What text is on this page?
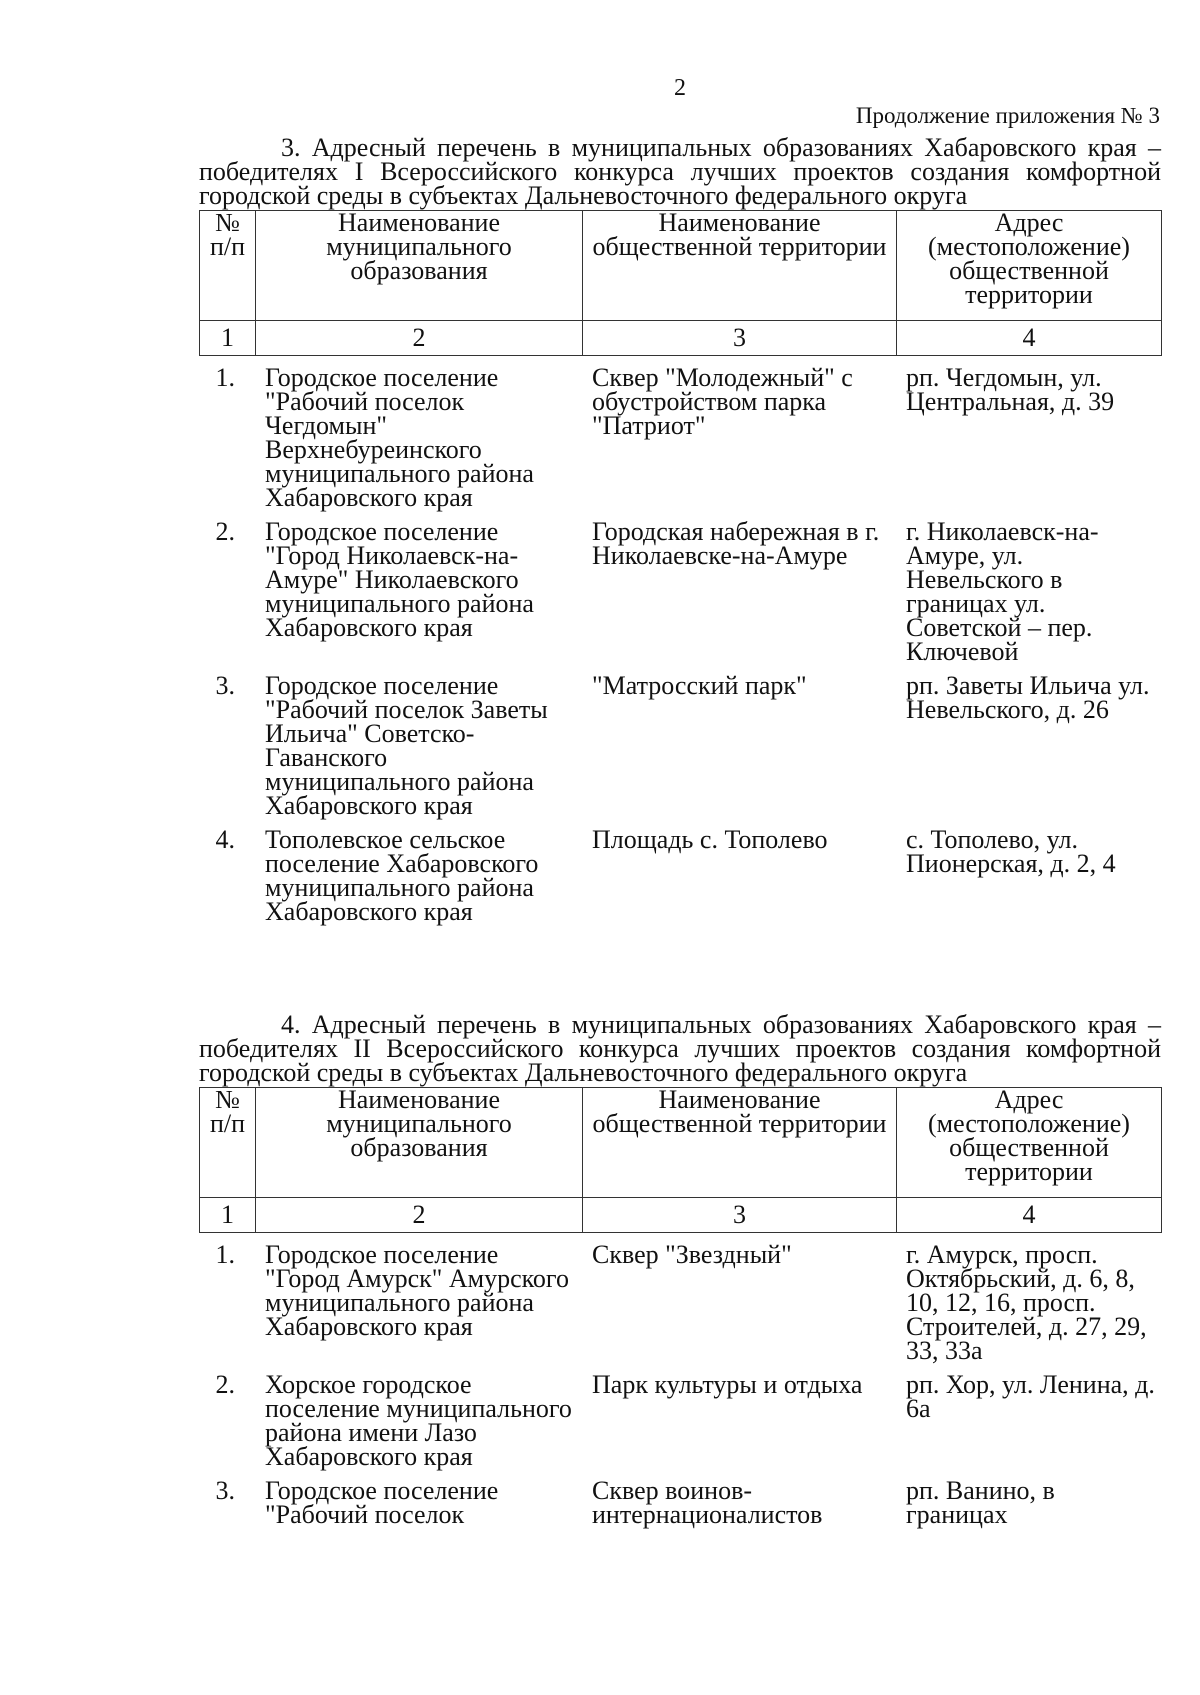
2
Продолжение приложения № 3

3. Адресный перечень в муниципальных образованиях Хабаровского края – победителях I Всероссийского конкурса лучших проектов создания комфортной городской среды в субъектах Дальневосточного федерального округа

№ п/п	Наименование муниципального образования	Наименование общественной территории	Адрес (местоположение) общественной территории
1	2	3	4
1.	Городское поселение "Рабочий поселок Чегдомын" Верхнебуреинского муниципального района Хабаровского края	Сквер "Молодежный" с обустройством парка "Патриот"	рп. Чегдомын, ул. Центральная, д. 39
2.	Городское поселение "Город Николаевск-на-Амуре" Николаевского муниципального района Хабаровского края	Городская набережная в г. Николаевске-на-Амуре	г. Николаевск-на-Амуре, ул. Невельского в границах ул. Советской – пер. Ключевой
3.	Городское поселение "Рабочий поселок Заветы Ильича" Советско-Гаванского муниципального района Хабаровского края	"Матросский парк"	рп. Заветы Ильича ул. Невельского, д. 26
4.	Тополевское сельское поселение Хабаровского муниципального района Хабаровского края	Площадь с. Тополево	с. Тополево, ул. Пионерская, д. 2, 4

4. Адресный перечень в муниципальных образованиях Хабаровского края – победителях II Всероссийского конкурса лучших проектов создания комфортной городской среды в субъектах Дальневосточного федерального округа

№ п/п	Наименование муниципального образования	Наименование общественной территории	Адрес (местоположение) общественной территории
1	2	3	4
1.	Городское поселение "Город Амурск" Амурского муниципального района Хабаровского края	Сквер "Звездный"	г. Амурск, просп. Октябрьский, д. 6, 8, 10, 12, 16, просп. Строителей, д. 27, 29, 33, 33а
2.	Хорское городское поселение муниципального района имени Лазо Хабаровского края	Парк культуры и отдыха	рп. Хор, ул. Ленина, д. 6а
3.	Городское поселение "Рабочий поселок	Сквер воинов-интернационалистов	рп. Ванино, в границах
